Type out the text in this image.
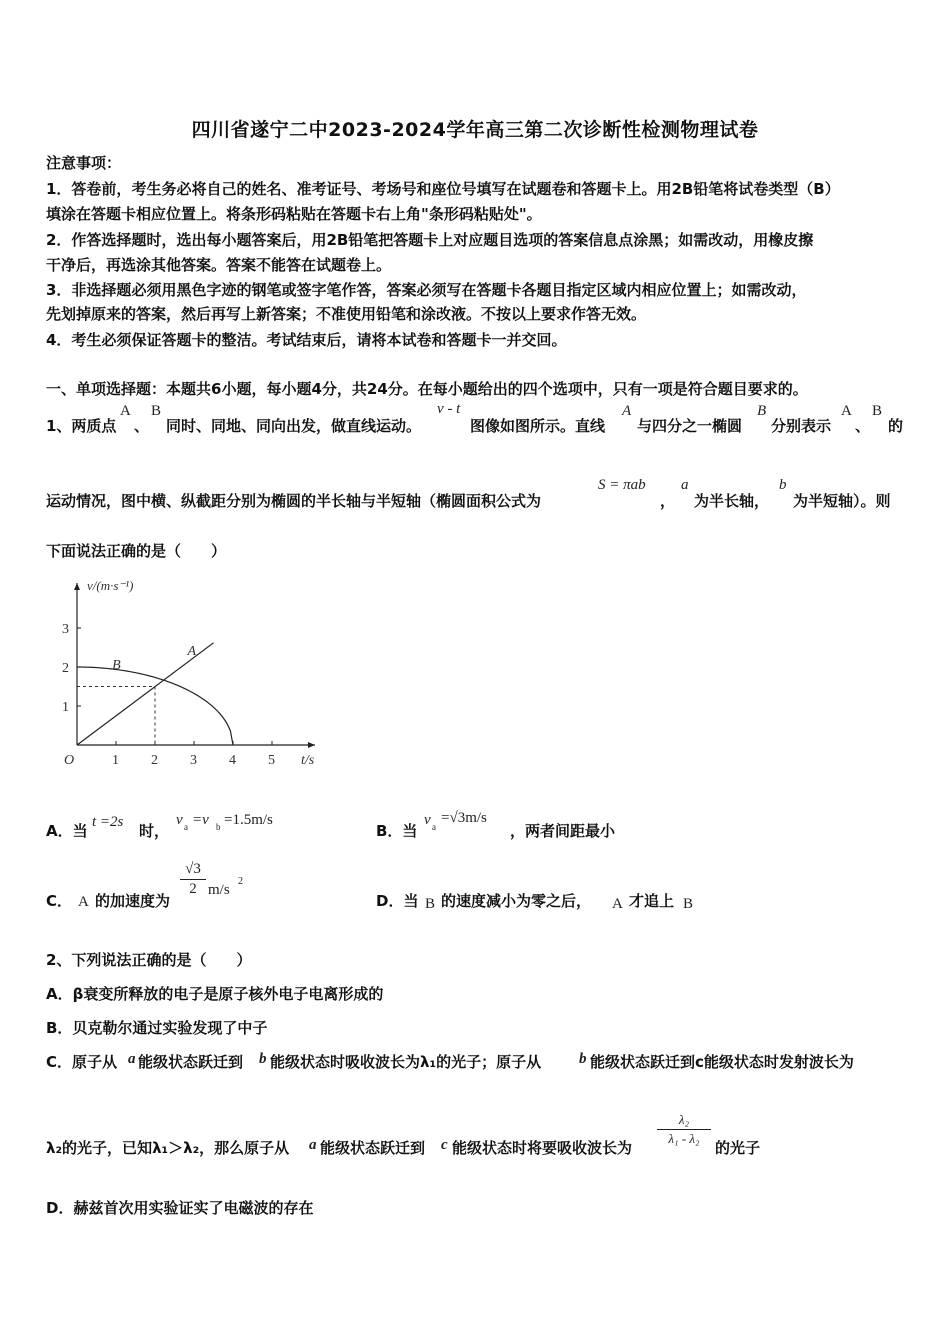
四川省遂宁二中2023-2024学年高三第二次诊断性检测物理试卷
注意事项：
1．答卷前，考生务必将自己的姓名、准考证号、考场号和座位号填写在试题卷和答题卡上。用2B铅笔将试卷类型（B）
填涂在答题卡相应位置上。将条形码粘贴在答题卡右上角"条形码粘贴处"。
2．作答选择题时，选出每小题答案后，用2B铅笔把答题卡上对应题目选项的答案信息点涂黑；如需改动，用橡皮擦
干净后，再选涂其他答案。答案不能答在试题卷上。
3．非选择题必须用黑色字迹的钢笔或签字笔作答，答案必须写在答题卡各题目指定区域内相应位置上；如需改动，
先划掉原来的答案，然后再写上新答案；不准使用铅笔和涂改液。不按以上要求作答无效。
4．考生必须保证答题卡的整洁。考试结束后，请将本试卷和答题卡一并交回。
一、单项选择题：本题共6小题，每小题4分，共24分。在每小题给出的四个选项中，只有一项是符合题目要求的。
1、两质点
A
、
B
同时、同地、同向出发，做直线运动。
v - t
图像如图所示。直线
A
与四分之一椭圆
B
分别表示
A
、
B
的
运动情况，图中横、纵截距分别为椭圆的半长轴与半短轴（椭圆面积公式为
S = πab
，
a
为半长轴，
b
为半短轴）。则
下面说法正确的是（　　）
v/(m·s⁻¹)
t/s
O	1 2 3 4 5
1
2
3
A
B
A．当 t =2s 时，
v a =v b =1.5m/s
B．当
v a
=√3m/s
，两者间距最小
C． A 的加速度为
√3
2 m/s
2
D．当 B 的速度减小为零之后， A 才追上 B
2、下列说法正确的是（　　）
A．β衰变所释放的电子是原子核外电子电离形成的
B．贝克勒尔通过实验发现了中子
C．原子从 a 能级状态跃迁到 b 能级状态时吸收波长为λ₁的光子；原子从	b 能级状态跃迁到c能级状态时发射波长为
λ₂的光子，已知λ₁＞λ₂，那么原子从 a 能级状态跃迁到 c 能级状态时将要吸收波长为
λ₂
λ₁ - λ₂
的光子
D．赫兹首次用实验证实了电磁波的存在
